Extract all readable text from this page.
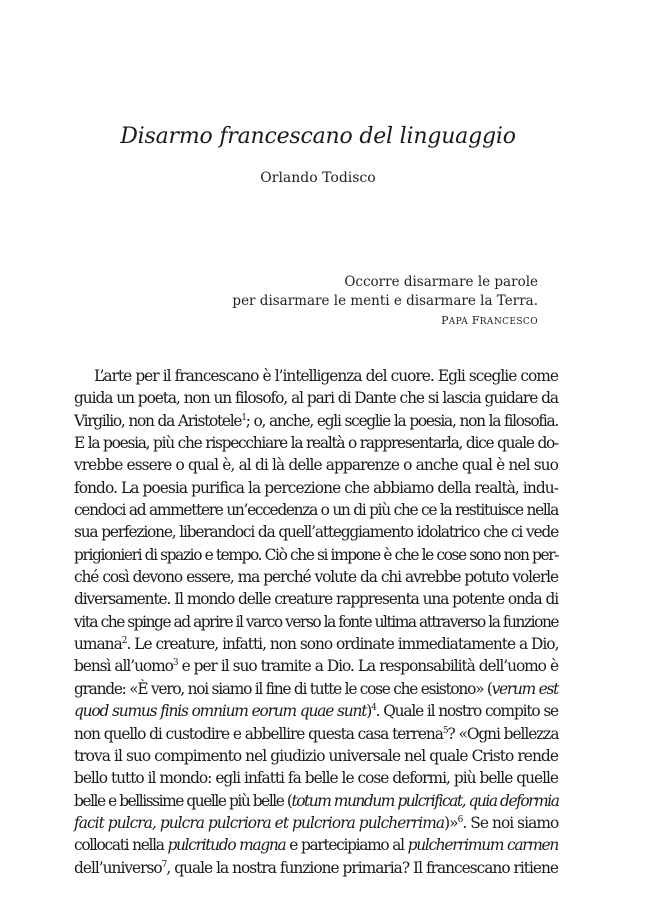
Disarmo francescano del linguaggio
Orlando Todisco
Occorre disarmare le parole
per disarmare le menti e disarmare la Terra.
PAPA FRANCESCO
L’arte per il francescano è l’intelligenza del cuore. Egli sceglie come
guida un poeta, non un filosofo, al pari di Dante che si lascia guidare da
Virgilio, non da Aristotele$^1$; o, anche, egli sceglie la poesia, non la filosofia.
E la poesia, più che rispecchiare la realtà o rappresentarla, dice quale do-
vrebbe essere o qual è, al di là delle apparenze o anche qual è nel suo
fondo. La poesia purifica la percezione che abbiamo della realtà, indu-
cendoci ad ammettere un’eccedenza o un di più che ce la restituisce nella
sua perfezione, liberandoci da quell’atteggiamento idolatrico che ci vede
prigionieri di spazio e tempo. Ciò che si impone è che le cose sono non per-
ché così devono essere, ma perché volute da chi avrebbe potuto volerle
diversamente. Il mondo delle creature rappresenta una potente onda di
vita che spinge ad aprire il varco verso la fonte ultima attraverso la funzione
umana$^2$. Le creature, infatti, non sono ordinate immediatamente a Dio,
bensì all’uomo$^3$ e per il suo tramite a Dio. La responsabilità dell’uomo è
grande: «È vero, noi siamo il fine di tutte le cose che esistono» (verum est
quod sumus finis omnium eorum quae sunt)$^4$. Quale il nostro compito se
non quello di custodire e abbellire questa casa terrena$^5$? «Ogni bellezza
trova il suo compimento nel giudizio universale nel quale Cristo rende
bello tutto il mondo: egli infatti fa belle le cose deformi, più belle quelle
belle e bellissime quelle più belle (totum mundum pulcrificat, quia deformia
facit pulcra, pulcra pulcriora et pulcriora pulcherrima)»$^6$. Se noi siamo
collocati nella pulcritudo magna e partecipiamo al pulcherrimum carmen
dell’universo$^7$, quale la nostra funzione primaria? Il francescano ritiene
